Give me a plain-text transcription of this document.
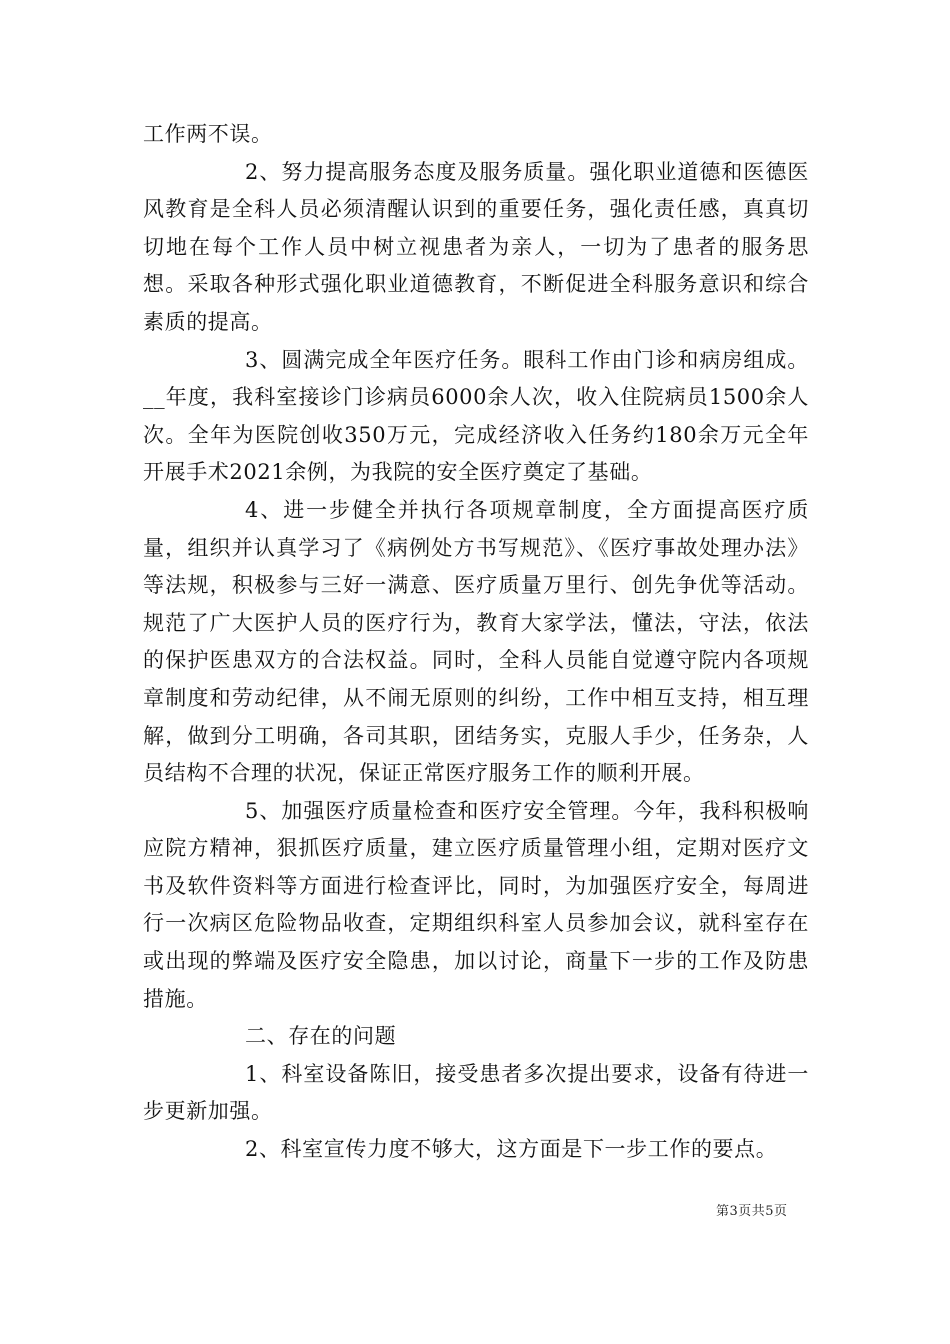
工作两不误。

2、努力提高服务态度及服务质量。强化职业道德和医德医风教育是全科人员必须清醒认识到的重要任务，强化责任感，真真切切地在每个工作人员中树立视患者为亲人，一切为了患者的服务思想。采取各种形式强化职业道德教育，不断促进全科服务意识和综合素质的提高。

3、圆满完成全年医疗任务。眼科工作由门诊和病房组成。__年度，我科室接诊门诊病员6000余人次，收入住院病员1500余人次。全年为医院创收350万元，完成经济收入任务约180余万元全年开展手术2021余例，为我院的安全医疗奠定了基础。

4、进一步健全并执行各项规章制度，全方面提高医疗质量，组织并认真学习了《病例处方书写规范》、《医疗事故处理办法》等法规，积极参与三好一满意、医疗质量万里行、创先争优等活动。规范了广大医护人员的医疗行为，教育大家学法，懂法，守法，依法的保护医患双方的合法权益。同时，全科人员能自觉遵守院内各项规章制度和劳动纪律，从不闹无原则的纠纷，工作中相互支持，相互理解，做到分工明确，各司其职，团结务实，克服人手少，任务杂，人员结构不合理的状况，保证正常医疗服务工作的顺利开展。

5、加强医疗质量检查和医疗安全管理。今年，我科积极响应院方精神，狠抓医疗质量，建立医疗质量管理小组，定期对医疗文书及软件资料等方面进行检查评比，同时，为加强医疗安全，每周进行一次病区危险物品收查，定期组织科室人员参加会议，就科室存在或出现的弊端及医疗安全隐患，加以讨论，商量下一步的工作及防患措施。

二、存在的问题

1、科室设备陈旧，接受患者多次提出要求，设备有待进一步更新加强。

2、科室宣传力度不够大，这方面是下一步工作的要点。

第3页共5页
